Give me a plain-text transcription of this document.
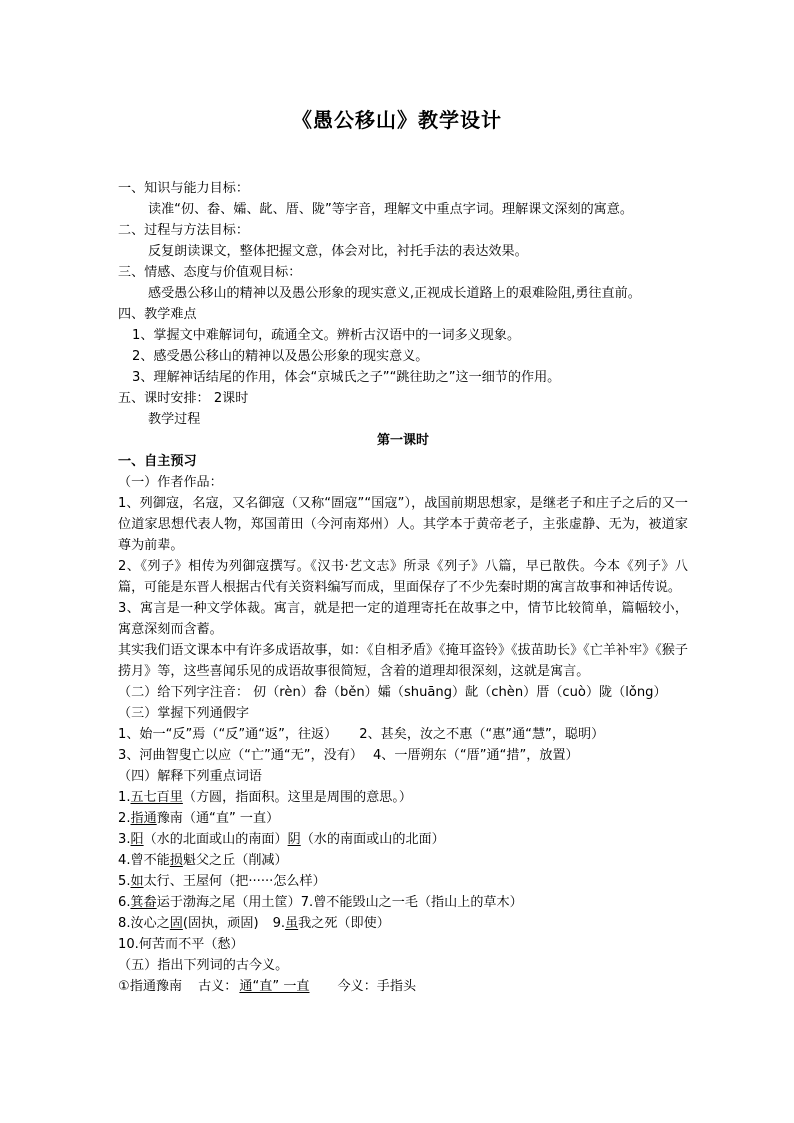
《愚公移山》教学设计
一、知识与能力目标：
读准“仞、畚、孀、龀、厝、陇”等字音，理解文中重点字词。理解课文深刻的寓意。
二、过程与方法目标：
反复朗读课文，整体把握文意，体会对比，衬托手法的表达效果。
三、情感、态度与价值观目标：
感受愚公移山的精神以及愚公形象的现实意义,正视成长道路上的艰难险阻,勇往直前。
四、教学难点
1、掌握文中难解词句，疏通全文。辨析古汉语中的一词多义现象。
2、感受愚公移山的精神以及愚公形象的现实意义。
3、理解神话结尾的作用，体会“京城氏之子”“跳往助之”这一细节的作用。
五、课时安排： 2课时
教学过程
第一课时
一、自主预习
（一）作者作品：
1、列御寇，名寇，又名御寇（又称“圄寇”“国寇”），战国前期思想家，是继老子和庄子之后的又一位道家思想代表人物，郑国莆田（今河南郑州）人。其学本于黄帝老子，主张虚静、无为，被道家尊为前辈。
2、《列子》相传为列御寇撰写。《汉书·艺文志》所录《列子》八篇，早已散佚。今本《列子》八篇，可能是东晋人根据古代有关资料编写而成，里面保存了不少先秦时期的寓言故事和神话传说。
3、寓言是一种文学体裁。寓言，就是把一定的道理寄托在故事之中，情节比较简单，篇幅较小，寓意深刻而含蓄。
其实我们语文课本中有许多成语故事，如：《自相矛盾》《掩耳盗铃》《拔苗助长》《亡羊补牢》《猴子捞月》等，这些喜闻乐见的成语故事很简短，含着的道理却很深刻，这就是寓言。
（二）给下列字注音： 仞（rèn）畚（běn）孀（shuāng）龀（chèn）厝（cuò）陇（lǒng）
（三）掌握下列通假字
1、始一“反”焉（“反”通“返”，往返） 2、甚矣，汝之不惠（“惠”通“慧”，聪明）
3、河曲智叟亡以应（“亡”通“无”，没有） 4、一厝朔东（“厝”通“措”，放置）
（四）解释下列重点词语
1.五七百里（方圆，指面积。这里是周围的意思。）
2.指通豫南（通“直” 一直）
3.阳（水的北面或山的南面）阴（水的南面或山的北面）
4.曾不能损魁父之丘（削减）
5.如太行、王屋何（把······怎么样）
6.箕畚运于渤海之尾（用土筐）7.曾不能毁山之一毛（指山上的草木）
8.汝心之固(固执，顽固) 9.虽我之死（即使）
10.何苦而不平（愁）
（五）指出下列词的古今义。
①指通豫南 古义： 通“直” 一直 今义：手指头
